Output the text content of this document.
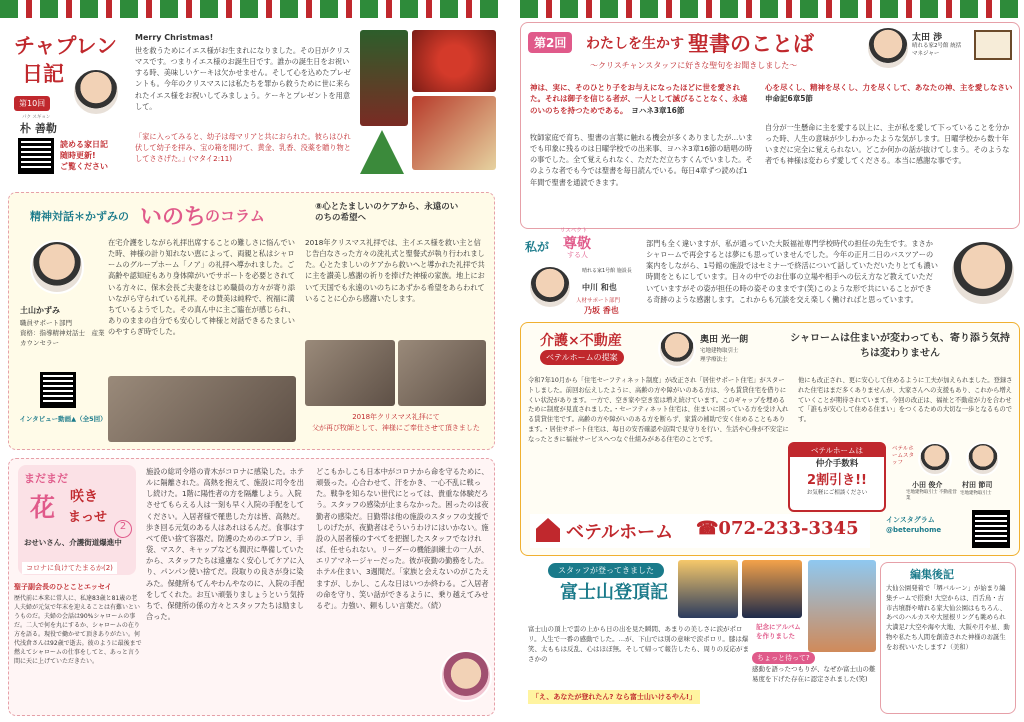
チャプレン
日記
第10回
パク スギョン
朴 善勒
読める家日記
随時更新!
ご覧ください
Merry Christmas!
世を救うためにイエス様がお生まれになりました。その日がクリスマスです。つまりイエス様のお誕生日です。誰かの誕生日をお祝いする時、美味しいケーキは欠かせません。そして心を込めたプレゼントも。今年のクリスマスには私たちを罪から救うために世に来られたイエス様をお祝いしてみましょう。ケーキとプレゼントを用意して。
「家に入ってみると、幼子は母マリアと共におられた。彼らはひれ伏して幼子を拝み、宝の箱を開けて、黄金、乳香、没薬を贈り物としてささげた。」(マタイ2:11)
精神対話＊かずみの いのち
のコラム	⑧心とたましいのケアから、永遠のいのちの希望へ
土山かずみ
職員サポート部門
資格：指導精神対話士　産業カウンセラー
インタビュー動画▲（全5回）
在宅介護をしながら礼拝出席することの難しさに悩んでいた時、神様の計り知れない恵によって、両親と私はシャロームのグループホーム「ノア」の礼拝へ導かれました。ご高齢や認知症もあり身体障がいでサポートを必要とされている方々に、保木会長ご夫妻をはじめ職員の方々が寄り添いながら守られている礼拝。その賛美は純粋で、祝福に満ちているようでした。その真ん中に主ご臨在が感じられ、ありのままの自分でも安心して神様と対話できるたましいのやすらぎ時でした。
2018年クリスマス礼拝では、主イエス様を救い主と信じ告白なさった方々の洗礼式と聖餐式が執り行われました。心とたましいのケアから救いへと導かれた礼拝で共に主を讃美し感謝の祈りを捧げた神様の家族。地上において天国でも永遠のいのちにあずかる希望をあらわれていることに心から感謝いたします。
2018年クリスマス礼拝にて
父が再び牧師として、神様にご奉仕させて頂きました
まだまだ
花 咲き
まっせ
2
おせいさん、介護街道爆進中
コロナに負けてたまるか(2)
聖子副会長のひとことエッセイ
歴代前に本来に常人に、私達83歳と81歳の老人夫婦が元気で年末を迎えることは有難いというものだ。夫婦の会話は90%シャロームの事だ。二人で何を丸にするか、シャロームの在り方を語る。現役で働かせて頂きありがたい。何代浅倉さんは92歳で逝去。彼のように最後まで燃えてシャロームの仕事をしてと、あっと言う間に天に上げていただきたい。
施設の総司令塔の青木がコロナに感染した。ホテルに隔離された。高熱を抱えて、施設に司令を出し続けた。1階に陽性者の方を隔離しよう。入院させてもらえる人は一刻も早く入院の手配をしてください。入居者様で罹患した方は皆、高熱だ。歩き回る元気のある人はあれはるんだ。食事はすべて使い捨て容器だ。防護のためのエプロン、手袋、マスク、キャップなども潤沢に準備していたから、スタッフたちは遠慮なく安心してケアに入り、パンパン使い捨てだ。段取りの良さが身に染みた。保健所もてんやわんやなのに、入院の手配をしてくれた。お互い頑張りましょうという気持ちで、保健所の係の方々とスタッフたちは励まし合った。
どこもかしこも日本中がコロナから命を守るために、頑張った。心合わせて、汗をかき、一心不乱に戦った。戦争を知らない世代にとっては、貴重な体験だろう。スタッフの感染が止まらなかった。困ったのは夜勤者の感染だ。日勤帯は他の施設のスタッフの支援でしのげたが、夜勤者はそういうわけにはいかない。施設の入居者様のすべてを把握したスタッフでなければ、任せられない。リーダーの機能訓練士の一人が、エリアマネージャーだった。彼が夜勤の勤務をした。ホテル住まい、3週間だ。「家族と会えないのがこたえますが、しかし、こんな日はいつか終わる。ご入居者の命を守り、笑い話ができるように、乗り越えてみせるぞ」。力強い、頼もしい言葉だ。（続）
第2回	わたしを生かす 聖書のことば
〜クリスチャンスタッフに好きな聖句をお聞きしました〜
太田 渉
晴れる家2号館 統括マネジャー
神は、実に、そのひとり子をお与えになったほどに世を愛された。それは御子を信じる者が、一人として滅びることなく、永遠のいのちを持つためである。　 ヨハネ3章16節
牧師家庭で育ち、聖書の言葉に触れる機会が多くありましたが…いまでも印象に残るのは日曜学校での出来事、ヨハネ3章16節の暗唱の時の事でした。全て覚えられなく、ただただ立ちすくんでいました。そのような者でも今では聖書を毎日読んでいる。毎日4章ずつ読めば1年間で聖書を通読できます。
心を尽くし、精神を尽くし、力を尽くして、あなたの神、主を愛しなさい　申命記6章5節
自分が一生懸命に主を愛する以上に、主が私を愛して下っていることを分かった時、人生の意味が少しわかったような気がします。日曜学校から数十年いまだに完全に覚えられない。どこか何かの話が抜けてしまう。そのような者でも神様は変わらず愛してくださる。本当に感謝な事です。
私が
リスペクト
尊敬
する人
晴れる家1号館 施設長
中川 和也
人材サポート部門
乃坂 香也
部門も全く違いますが、私が通っていた大阪福祉専門学校時代の担任の先生です。まさかシャロームで再会するとは夢にも思っていませんでした。今年の正月二日のバスツアーの案内をしながら、1号館の施設ではセミナーで終活について話していただいたりとても濃い時間をともにしています。日々の中でのお仕事の立場や相手への伝え方など教えていただいていますがその姿が担任の時の姿そのままです(笑)このような形で共にいることができる奇跡のような感謝します。これからも冗談を交え楽しく働ければと思っています。
介護×不動産
ベテルホームの提案
奥田 光一朗
宅地建物取引士
理学療法士
シャロームは住まいが変わっても、寄り添う気持ちは変わりません
令和7年10月から「住宅セーフティネット制度」が改正され「居住サポート住宅」がスタートしました。前回お伝えしたように、高齢の方や障がいのある方は、今も賃貸住宅を借りにくい状況があります。一方で、空き家や空き室は増え続けています。このギャップを埋めるために制度が見直されました。・セーフティネット住宅は、住まいに困っている方を受け入れる賃貸住宅です。高齢の方や障がいのある方を断らず、家賃の補助で安く住めることもあります。・居住サポート住宅は、毎日の安否確認や訪問で見守りを行い、生活や心身が不安定になったときに福祉サービスへつなぐ仕組みがある住宅のことです。
他にも改正され、更に安心して住めるように工夫が加えられました。登録された住宅はまだ多くありませんが、大家さんへの支援もあり、これから増えていくことが期待されています。今回の改正は、福祉と不動産が力を合わせて「誰もが安心して住める住まい」をつくるための大切な一歩となるものです。
ベテルホームは
仲介手数料
2割引き!!
お気軽にご相談ください
ベテルホームスタッフ
小田 俊介
宅地建物取引士 不動産営業
村田 節司
宅地建物取引士
ベテルホーム ☎072-233-3345	インスタグラム
@beteruhome
スタッフが登ってきました
富士山登頂記
記念にアルバムを作りました
富士山の頂上で雲の上から日の出を見た瞬間、あまりの美しさに涙がポロリ。人生で一番の感動でした。…が、下山では別の意味で涙ポロリ。膝は爆笑、太ももは反乱、心はほぼ無。そして帰って報告したら、周りの反応がまさかの
「え、あなたが登れたん? なら富士山いけるやん!」
ちょっと待って?
感動を語ったつもりが、なぜか富士山の難易度を下げた存在に認定されました(笑)
編集後記
大仙公園発着で「堺バルーン」が始まり編集チームで搭乗! 大空からは、百舌鳥・古市古墳群や晴れる家大仙公園はもちろん、あべのハルカスや大屋根リングも眺められ大満足♪大空や海や大地、大阪や月や星、動物や私たち人間を創造された神様のお誕生をお祝いいたします♪（美和）
